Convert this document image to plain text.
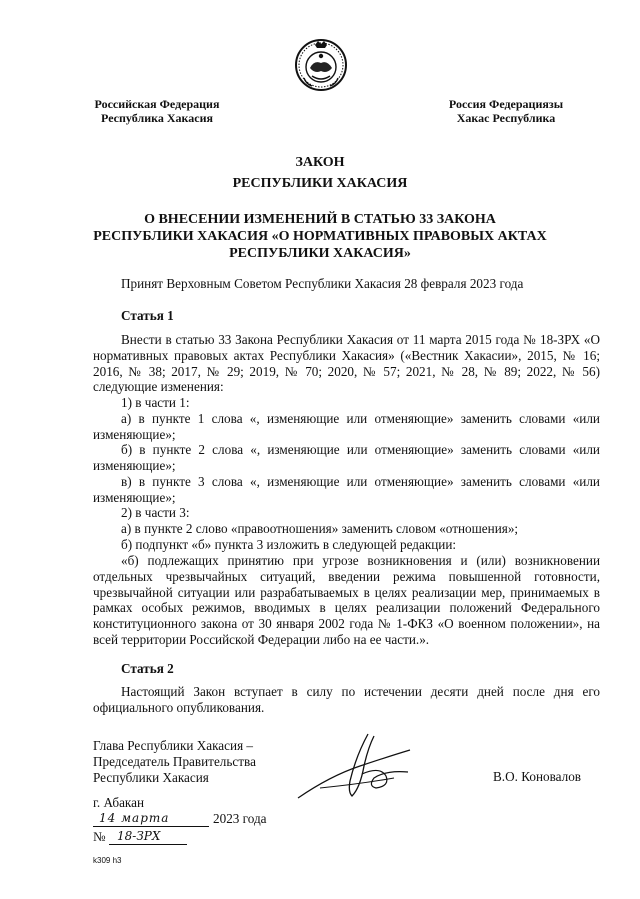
Российская Федерация
Республика Хакасия
Россия Федерациязы
Хакас Республика
ЗАКОН
РЕСПУБЛИКИ ХАКАСИЯ
О ВНЕСЕНИИ ИЗМЕНЕНИЙ В СТАТЬЮ 33 ЗАКОНА
РЕСПУБЛИКИ ХАКАСИЯ «О НОРМАТИВНЫХ ПРАВОВЫХ АКТАХ
РЕСПУБЛИКИ ХАКАСИЯ»
Принят Верховным Советом Республики Хакасия 28 февраля 2023 года
Статья 1
Внести в статью 33 Закона Республики Хакасия от 11 марта 2015 года № 18-ЗРХ «О нормативных правовых актах Республики Хакасия» («Вестник Хакасии», 2015, № 16; 2016, № 38; 2017, № 29; 2019, № 70; 2020, № 57; 2021, № 28, № 89; 2022, № 56) следующие изменения:
1) в части 1:
а) в пункте 1 слова «, изменяющие или отменяющие» заменить словами «или изменяющие»;
б) в пункте 2 слова «, изменяющие или отменяющие» заменить словами «или изменяющие»;
в) в пункте 3 слова «, изменяющие или отменяющие» заменить словами «или изменяющие»;
2) в части 3:
а) в пункте 2 слово «правоотношения» заменить словом «отношения»;
б) подпункт «б» пункта 3 изложить в следующей редакции:
«б) подлежащих принятию при угрозе возникновения и (или) возникновении отдельных чрезвычайных ситуаций, введении режима повышенной готовности, чрезвычайной ситуации или разрабатываемых в целях реализации мер, принимаемых в рамках особых режимов, вводимых в целях реализации положений Федерального конституционного закона от 30 января 2002 года № 1-ФКЗ «О военном положении», на всей территории Российской Федерации либо на ее части.».
Статья 2
Настоящий Закон вступает в силу по истечении десяти дней после дня его официального опубликования.
Глава Республики Хакасия –
Председатель Правительства
Республики Хакасия	В.О. Коновалов
г. Абакан
14 марта	2023 года
№ 18-ЗРХ
k309 h3
